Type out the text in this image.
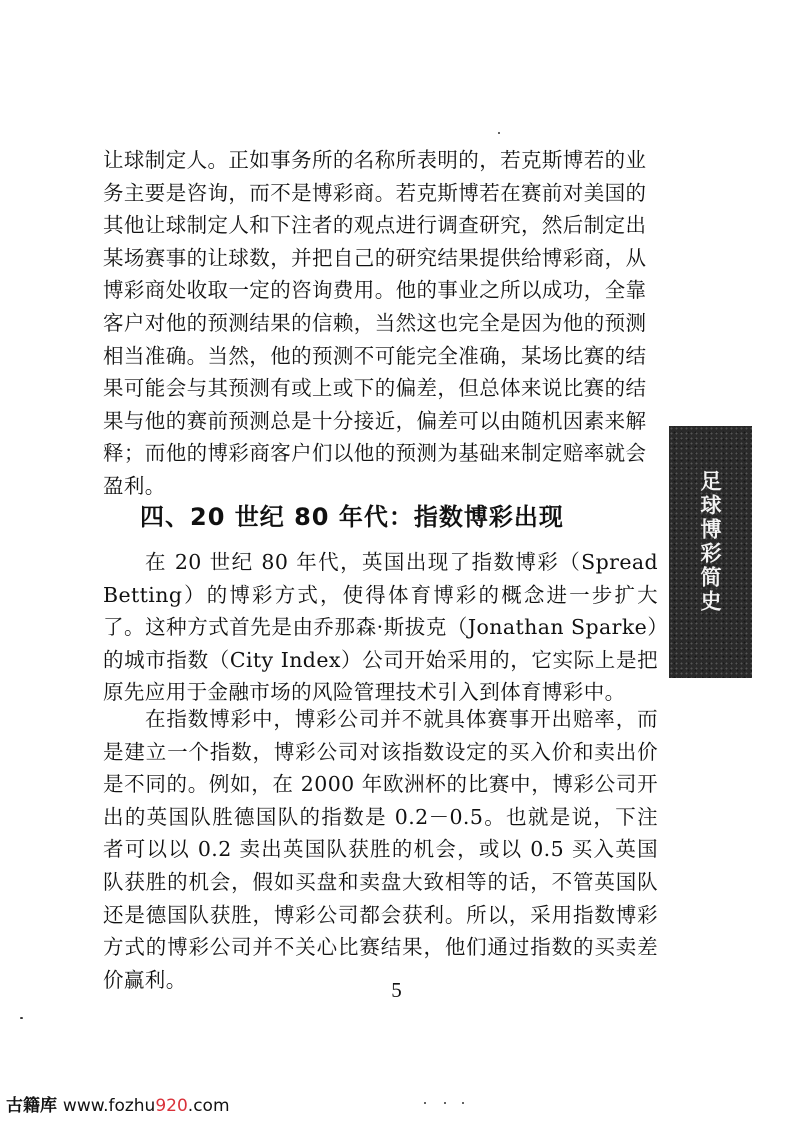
让球制定人。正如事务所的名称所表明的，若克斯博若的业
务主要是咨询，而不是博彩商。若克斯博若在赛前对美国的
其他让球制定人和下注者的观点进行调查研究，然后制定出
某场赛事的让球数，并把自己的研究结果提供给博彩商，从
博彩商处收取一定的咨询费用。他的事业之所以成功，全靠
客户对他的预测结果的信赖，当然这也完全是因为他的预测
相当准确。当然，他的预测不可能完全准确，某场比赛的结
果可能会与其预测有或上或下的偏差，但总体来说比赛的结
果与他的赛前预测总是十分接近，偏差可以由随机因素来解
释；而他的博彩商客户们以他的预测为基础来制定赔率就会
盈利。
四、20 世纪 80 年代：指数博彩出现
在 20 世纪 80 年代，英国出现了指数博彩（Spread Betting）的博彩方式，使得体育博彩的概念进一步扩大了。这种方式首先是由乔那森·斯拔克（Jonathan Sparke）的城市指数（City Index）公司开始采用的，它实际上是把原先应用于金融市场的风险管理技术引入到体育博彩中。
在指数博彩中，博彩公司并不就具体赛事开出赔率，而是建立一个指数，博彩公司对该指数设定的买入价和卖出价是不同的。例如，在 2000 年欧洲杯的比赛中，博彩公司开出的英国队胜德国队的指数是 0.2－0.5。也就是说，下注者可以以 0.2 卖出英国队获胜的机会，或以 0.5 买入英国队获胜的机会，假如买盘和卖盘大致相等的话，不管英国队还是德国队获胜，博彩公司都会获利。所以，采用指数博彩方式的博彩公司并不关心比赛结果，他们通过指数的买卖差价赢利。	5
足球博彩简史
古籍库 www.fozhu920.com
